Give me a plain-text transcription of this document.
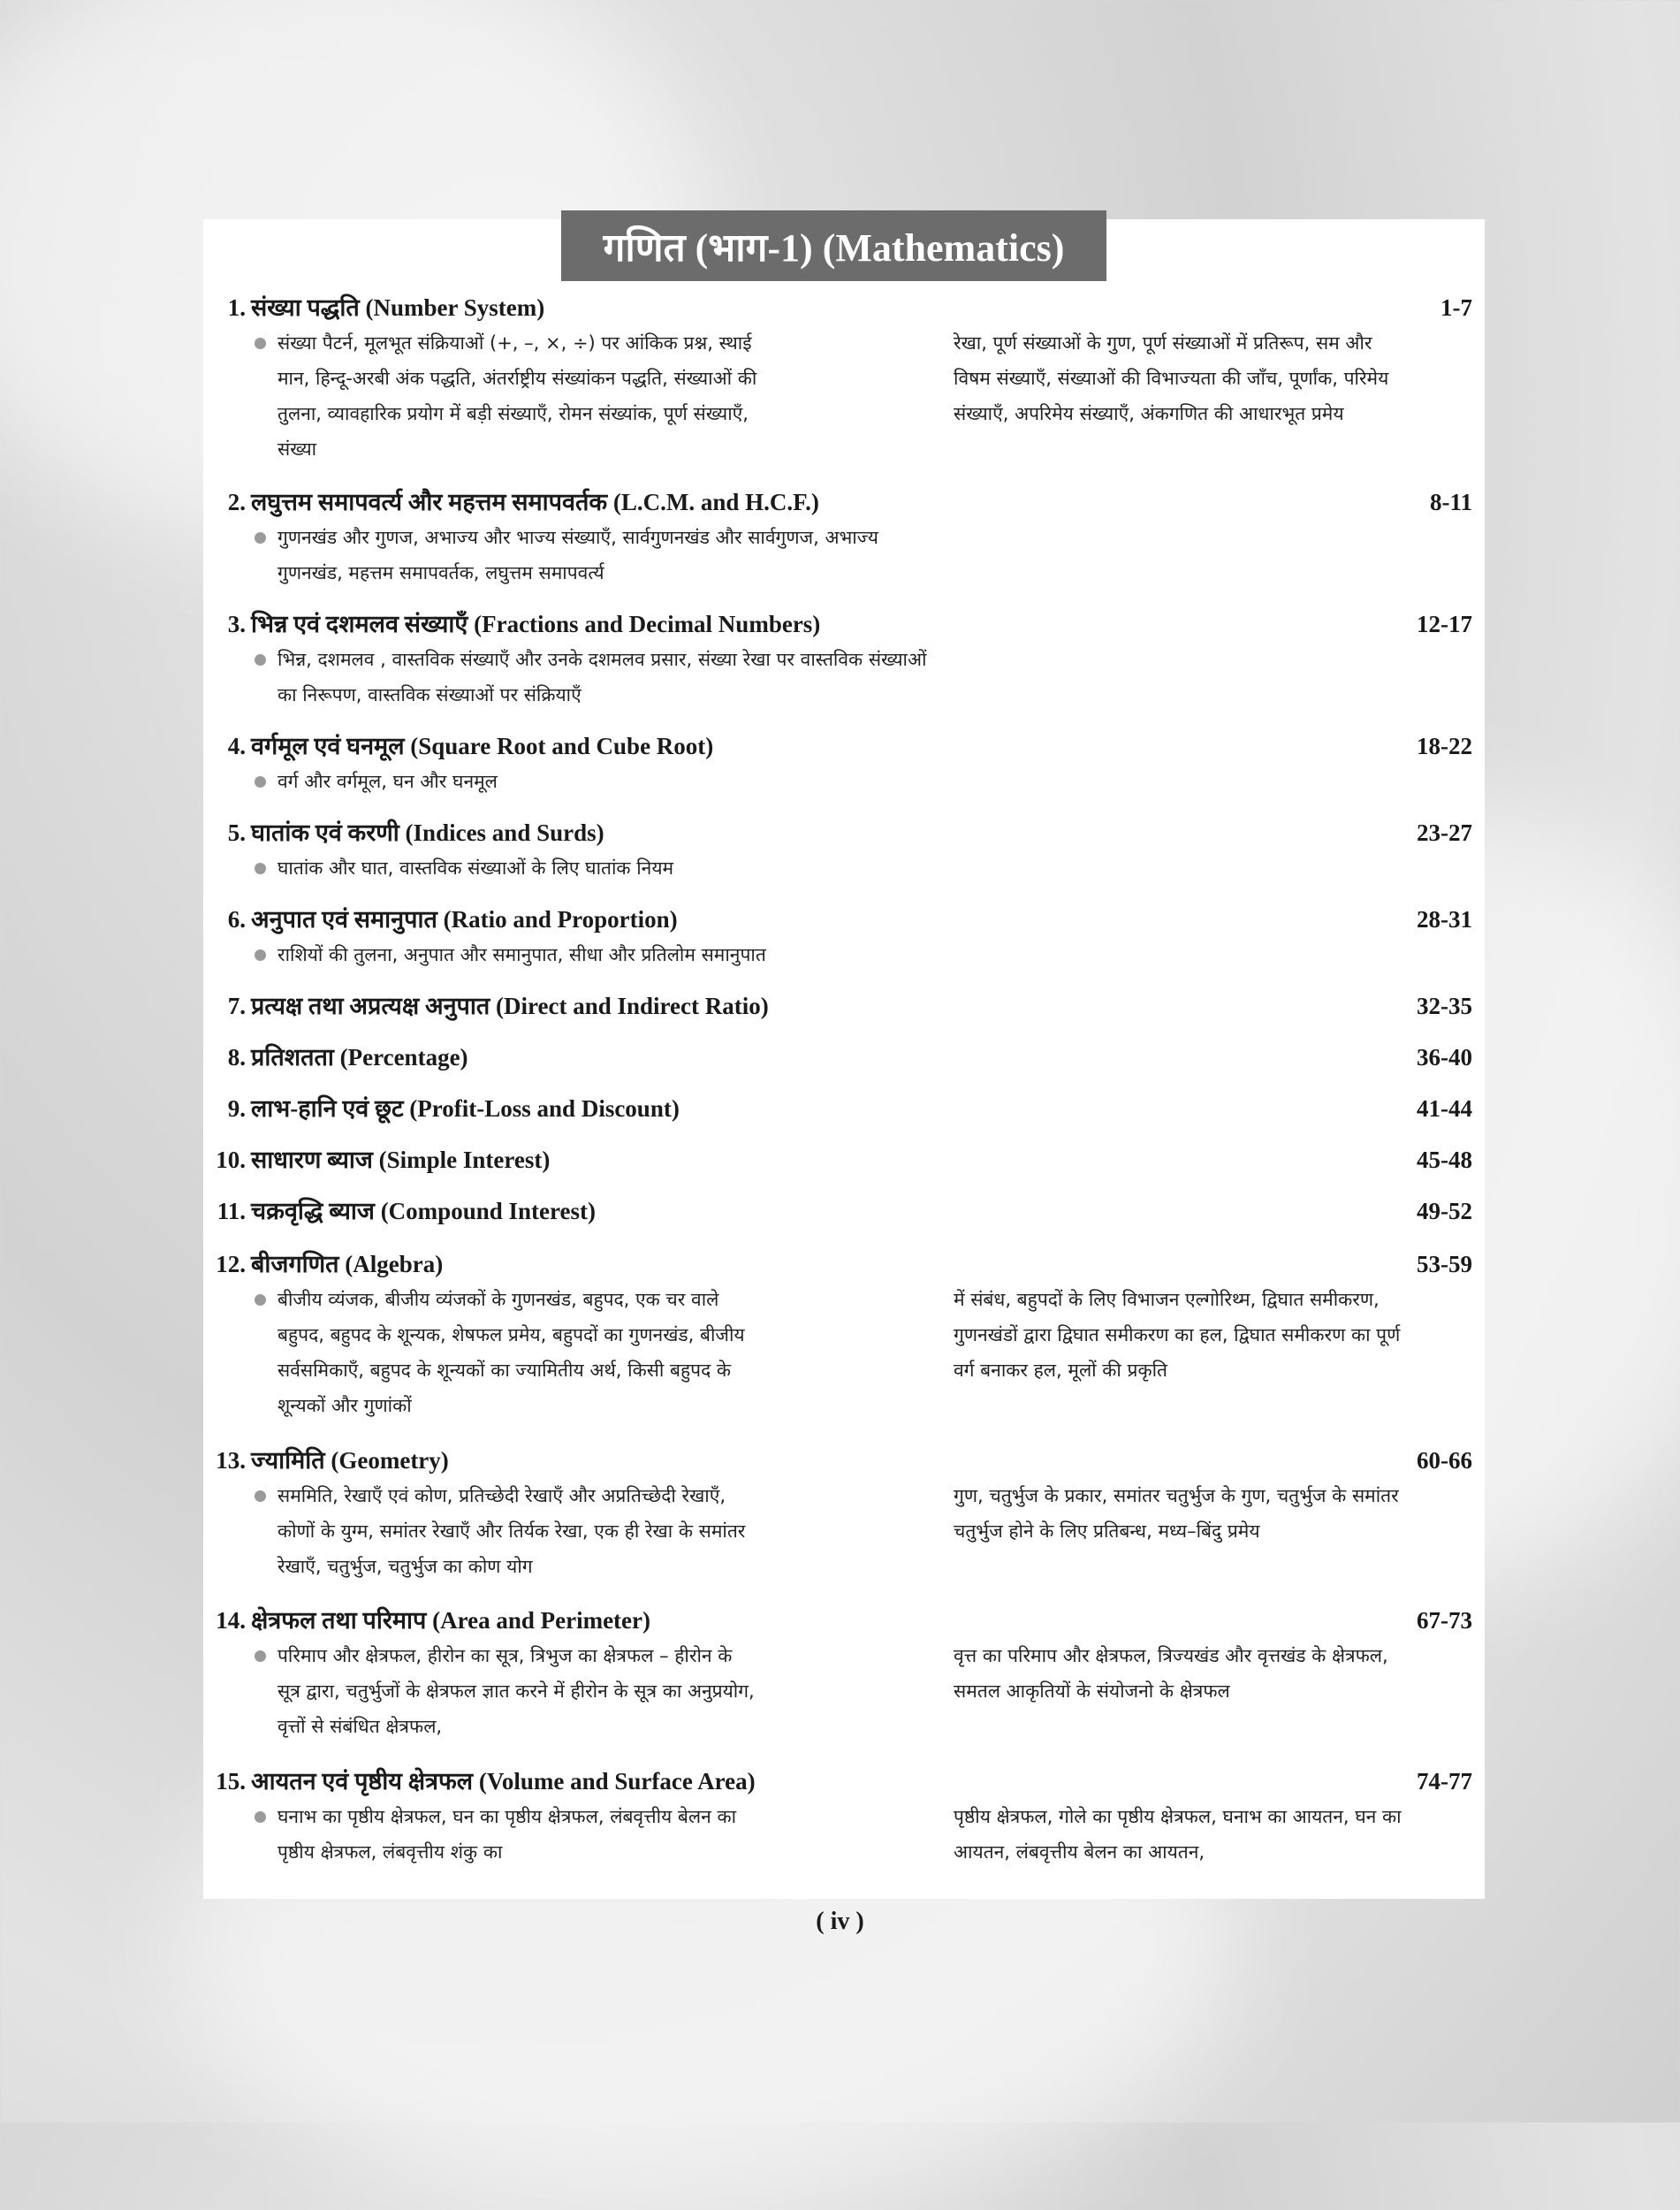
गणित (भाग-1) (Mathematics)
1. संख्या पद्धति (Number System)	1-7
संख्या पैटर्न, मूलभूत संक्रियाओं (+, –, ×, ÷) पर आंकिक प्रश्न, स्थाई मान, हिन्दू-अरबी अंक पद्धति, अंतर्राष्ट्रीय संख्यांकन पद्धति, संख्याओं की तुलना, व्यावहारिक प्रयोग में बड़ी संख्याएँ, रोमन संख्यांक, पूर्ण संख्याएँ, संख्या
रेखा, पूर्ण संख्याओं के गुण, पूर्ण संख्याओं में प्रतिरूप, सम और विषम संख्याएँ, संख्याओं की विभाज्यता की जाँच, पूर्णांक, परिमेय संख्याएँ, अपरिमेय संख्याएँ, अंकगणित की आधारभूत प्रमेय
2. लघुत्तम समापवर्त्य और महत्तम समापवर्तक (L.C.M. and H.C.F.)	8-11
गुणनखंड और गुणज, अभाज्य और भाज्य संख्याएँ, सार्वगुणनखंड और सार्वगुणज, अभाज्य गुणनखंड, महत्तम समापवर्तक, लघुत्तम समापवर्त्य
3. भिन्न एवं दशमलव संख्याएँ (Fractions and Decimal Numbers)	12-17
भिन्न, दशमलव , वास्तविक संख्याएँ और उनके दशमलव प्रसार, संख्या रेखा पर वास्तविक संख्याओं का निरूपण, वास्तविक संख्याओं पर संक्रियाएँ
4. वर्गमूल एवं घनमूल (Square Root and Cube Root)	18-22
वर्ग और वर्गमूल, घन और घनमूल
5. घातांक एवं करणी (Indices and Surds)	23-27
घातांक और घात, वास्तविक संख्याओं के लिए घातांक नियम
6. अनुपात एवं समानुपात (Ratio and Proportion)	28-31
राशियों की तुलना, अनुपात और समानुपात, सीधा और प्रतिलोम समानुपात
7. प्रत्यक्ष तथा अप्रत्यक्ष अनुपात (Direct and Indirect Ratio)	32-35
8. प्रतिशतता (Percentage)	36-40
9. लाभ-हानि एवं छूट (Profit-Loss and Discount)	41-44
10. साधारण ब्याज (Simple Interest)	45-48
11. चक्रवृद्धि ब्याज (Compound Interest)	49-52
12. बीजगणित (Algebra)	53-59
बीजीय व्यंजक, बीजीय व्यंजकों के गुणनखंड, बहुपद, एक चर वाले बहुपद, बहुपद के शून्यक, शेषफल प्रमेय, बहुपदों का गुणनखंड, बीजीय सर्वसमिकाएँ, बहुपद के शून्यकों का ज्यामितीय अर्थ, किसी बहुपद के शून्यकों और गुणांकों
में संबंध, बहुपदों के लिए विभाजन एल्गोरिथ्म, द्विघात समीकरण, गुणनखंडों द्वारा द्विघात समीकरण का हल, द्विघात समीकरण का पूर्ण वर्ग बनाकर हल, मूलों की प्रकृति
13. ज्यामिति (Geometry)	60-66
सममिति, रेखाएँ एवं कोण, प्रतिच्छेदी रेखाएँ और अप्रतिच्छेदी रेखाएँ, कोणों के युग्म, समांतर रेखाएँ और तिर्यक रेखा, एक ही रेखा के समांतर रेखाएँ, चतुर्भुज, चतुर्भुज का कोण योग
गुण, चतुर्भुज के प्रकार, समांतर चतुर्भुज के गुण, चतुर्भुज के समांतर चतुर्भुज होने के लिए प्रतिबन्ध, मध्य–बिंदु प्रमेय
14. क्षेत्रफल तथा परिमाप (Area and Perimeter)	67-73
परिमाप और क्षेत्रफल, हीरोन का सूत्र, त्रिभुज का क्षेत्रफल – हीरोन के सूत्र द्वारा, चतुर्भुजों के क्षेत्रफल ज्ञात करने में हीरोन के सूत्र का अनुप्रयोग, वृत्तों से संबंधित क्षेत्रफल,
वृत्त का परिमाप और क्षेत्रफल, त्रिज्यखंड और वृत्तखंड के क्षेत्रफल, समतल आकृतियों के संयोजनो के क्षेत्रफल
15. आयतन एवं पृष्ठीय क्षेत्रफल (Volume and Surface Area)	74-77
घनाभ का पृष्ठीय क्षेत्रफल, घन का पृष्ठीय क्षेत्रफल, लंबवृत्तीय बेलन का पृष्ठीय क्षेत्रफल, लंबवृत्तीय शंकु का
पृष्ठीय क्षेत्रफल, गोले का पृष्ठीय क्षेत्रफल, घनाभ का आयतन, घन का आयतन, लंबवृत्तीय बेलन का आयतन,
( iv )
